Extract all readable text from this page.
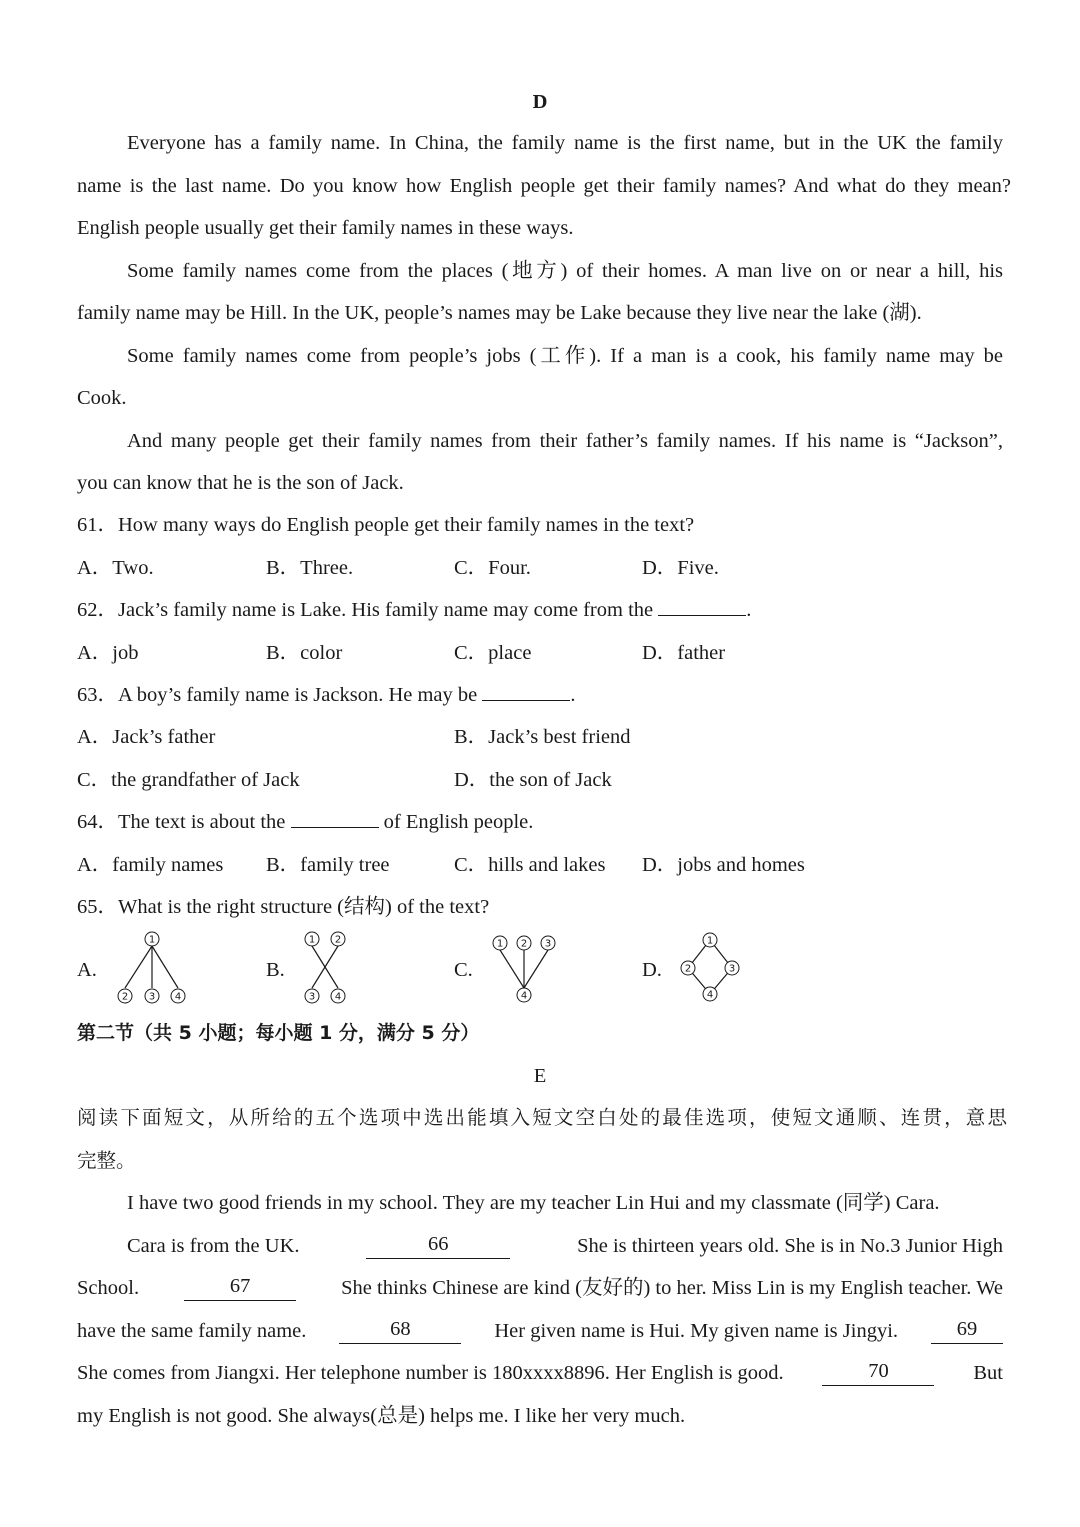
D
Everyone has a family name. In China, the family name is the first name, but in the UK the family
name is the last name. Do you know how English people get their family names? And what do they mean?
English people usually get their family names in these ways.
Some family names come from the places (地方) of their homes. A man live on or near a hill, his
family name may be Hill. In the UK, people’s names may be Lake because they live near the lake (湖).
Some family names come from people’s jobs (工作). If a man is a cook, his family name may be
Cook.
And many people get their family names from their father’s family names. If his name is “Jackson”,
you can know that he is the son of Jack.
61．How many ways do English people get their family names in the text?
A．Two.	B．Three.	C．Four.	D．Five.
62．Jack’s family name is Lake. His family name may come from the	.
A．job	B．color	C．place	D．father
63．A boy’s family name is Jackson. He may be	.
A．Jack’s father	B．Jack’s best friend
C．the grandfather of Jack	D．the son of Jack
64．The text is about the	of English people.
A．family names B．family tree	C．hills and lakes D．jobs and homes
65．What is the right structure (结构) of the text?
A.	B.	C.	D.
1
2 3 4
1 2
3 4
1 2 3
4
1
2	3
4
第二节（共 5 小题；每小题 1 分，满分 5 分）
E
阅读下面短文，从所给的五个选项中选出能填入短文空白处的最佳选项，使短文通顺、连贯，意思
完整。
I have two good friends in my school. They are my teacher Lin Hui and my classmate (同学) Cara.
Cara is from the UK.	66	She is thirteen years old. She is in No.3 Junior High
School.	67	She thinks Chinese are kind (友好的) to her. Miss Lin is my English teacher. We
have the same family name.	68	Her given name is Hui. My given name is Jingyi.	69
She comes from Jiangxi. Her telephone number is 180xxxx8896. Her English is good.	70	But
my English is not good. She always(总是) helps me. I like her very much.
